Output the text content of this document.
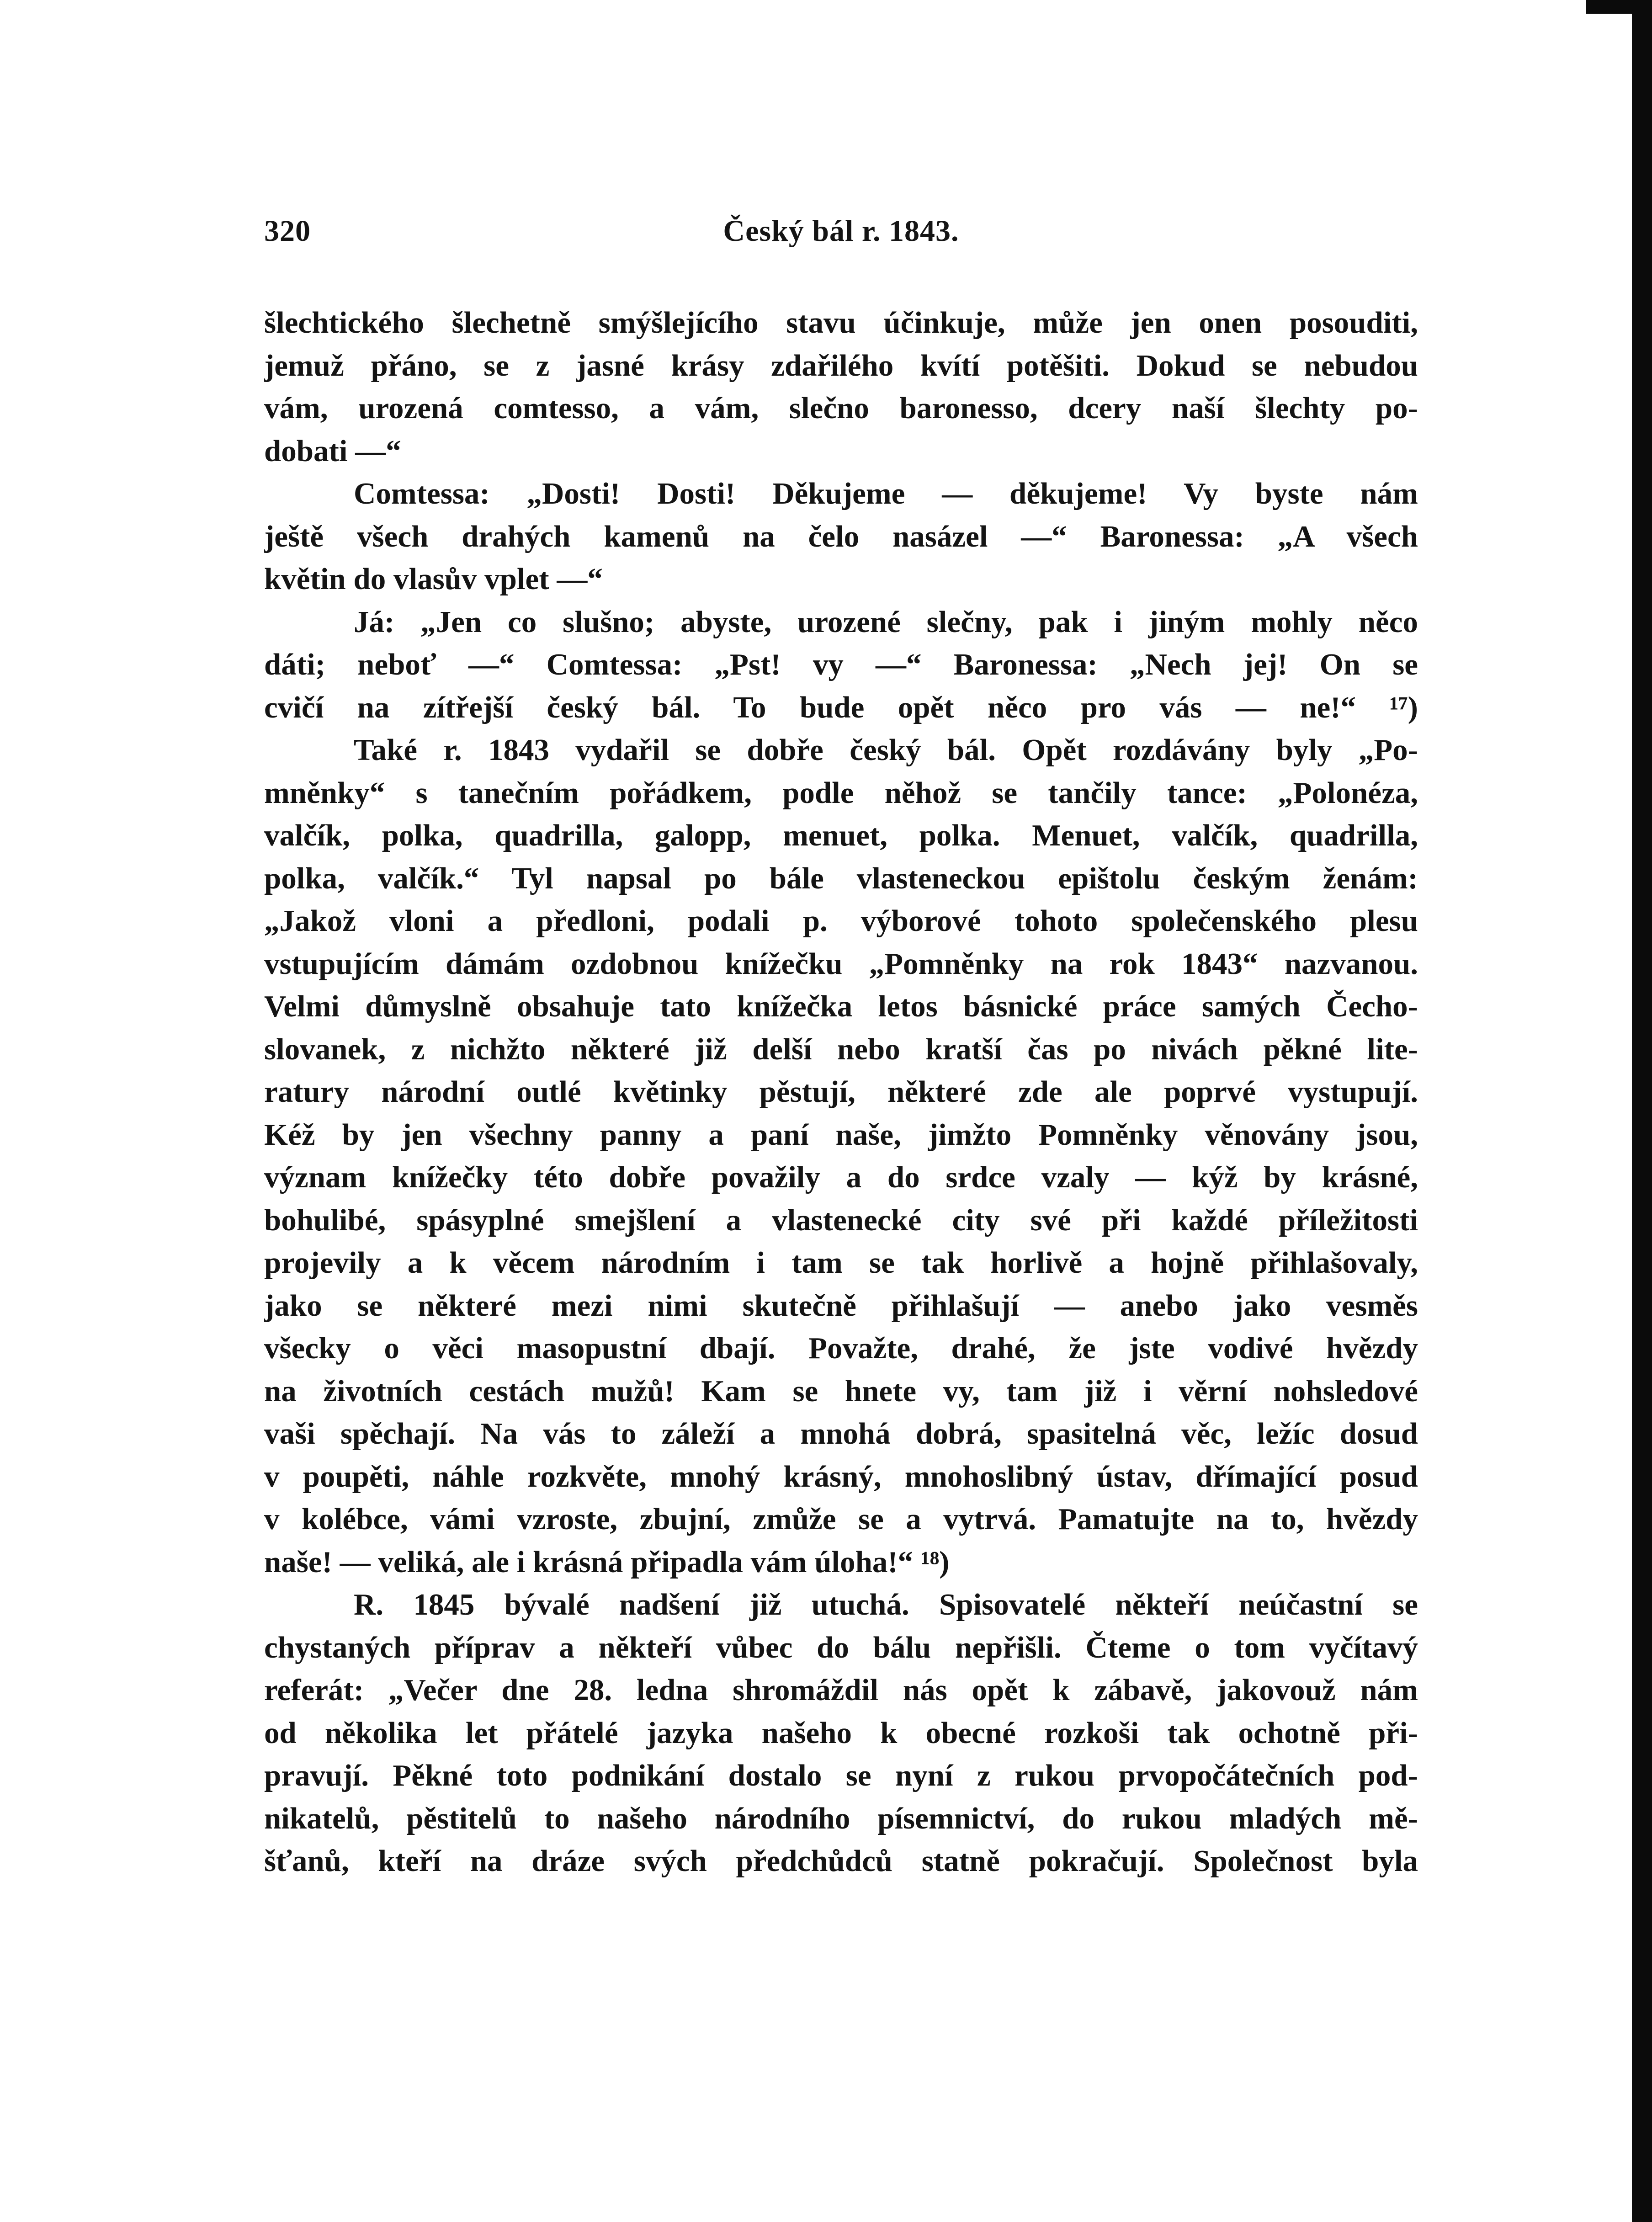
320	Český bál r. 1843.
šlechtického šlechetně smýšlejícího stavu účinkuje, může jen onen posouditi,
jemuž přáno, se z jasné krásy zdařilého kvítí potěšiti. Dokud se nebudou
vám, urozená comtesso, a vám, slečno baronesso, dcery naší šlechty po-
dobati —“
Comtessa: „Dosti! Dosti! Děkujeme — děkujeme! Vy byste nám
ještě všech drahých kamenů na čelo nasázel —“ Baronessa: „A všech
květin do vlasův vplet —“
Já: „Jen co slušno; abyste, urozené slečny, pak i jiným mohly něco
dáti; neboť —“ Comtessa: „Pst! vy —“ Baronessa: „Nech jej! On se
cvičí na zítřejší český bál. To bude opět něco pro vás — ne!“ ¹⁷)
Také r. 1843 vydařil se dobře český bál. Opět rozdávány byly „Po-
mněnky“ s tanečním pořádkem, podle něhož se tančily tance: „Polonéza,
valčík, polka, quadrilla, galopp, menuet, polka. Menuet, valčík, quadrilla,
polka, valčík.“ Tyl napsal po bále vlasteneckou epištolu českým ženám:
„Jakož vloni a předloni, podali p. výborové tohoto společenského plesu
vstupujícím dámám ozdobnou knížečku „Pomněnky na rok 1843“ nazvanou.
Velmi důmyslně obsahuje tato knížečka letos básnické práce samých Čecho-
slovanek, z nichžto některé již delší nebo kratší čas po nivách pěkné lite-
ratury národní outlé květinky pěstují, některé zde ale poprvé vystupují.
Kéž by jen všechny panny a paní naše, jimžto Pomněnky věnovány jsou,
význam knížečky této dobře považily a do srdce vzaly — kýž by krásné,
bohulibé, spásyplné smejšlení a vlastenecké city své při každé příležitosti
projevily a k věcem národním i tam se tak horlivě a hojně přihlašovaly,
jako se některé mezi nimi skutečně přihlašují — anebo jako vesměs
všecky o věci masopustní dbají. Považte, drahé, že jste vodivé hvězdy
na životních cestách mužů! Kam se hnete vy, tam již i věrní nohsledové
vaši spěchají. Na vás to záleží a mnohá dobrá, spasitelná věc, ležíc dosud
v poupěti, náhle rozkvěte, mnohý krásný, mnohoslibný ústav, dřímající posud
v kolébce, vámi vzroste, zbujní, zmůže se a vytrvá. Pamatujte na to, hvězdy
naše! — veliká, ale i krásná připadla vám úloha!“ ¹⁸)
R. 1845 bývalé nadšení již utuchá. Spisovatelé někteří neúčastní se
chystaných příprav a někteří vůbec do bálu nepřišli. Čteme o tom vyčítavý
referát: „Večer dne 28. ledna shromáždil nás opět k zábavě, jakovouž nám
od několika let přátelé jazyka našeho k obecné rozkoši tak ochotně při-
pravují. Pěkné toto podnikání dostalo se nyní z rukou prvopočátečních pod-
nikatelů, pěstitelů to našeho národního písemnictví, do rukou mladých mě-
šťanů, kteří na dráze svých předchůdců statně pokračují. Společnost byla
